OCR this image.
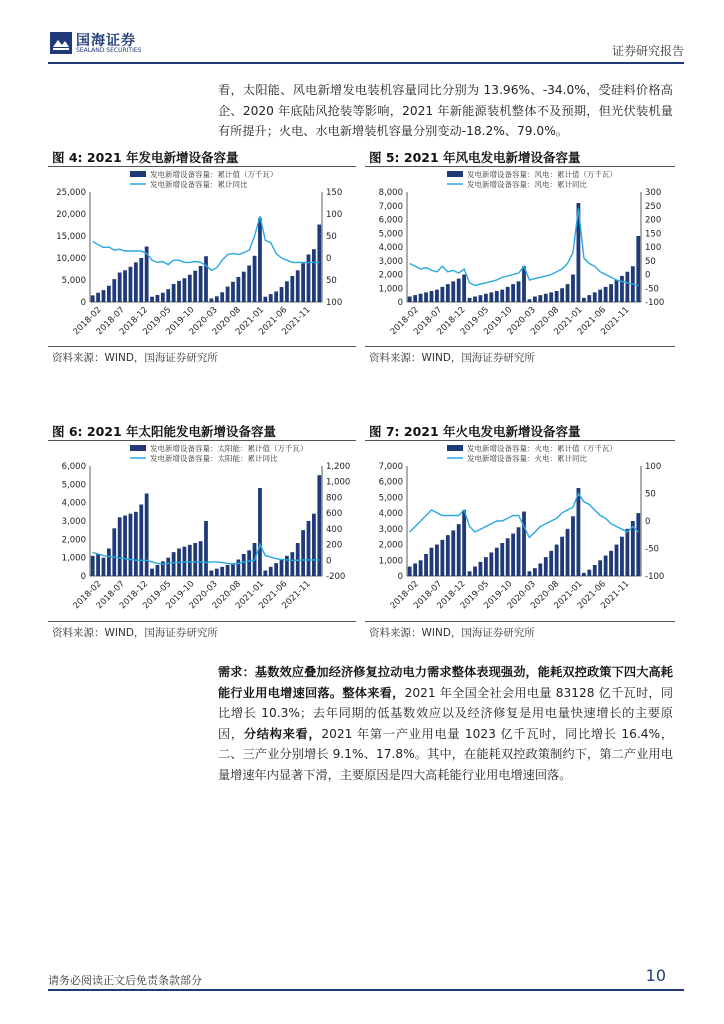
国海证券
SEALAND SECURITIES	证券研究报告
看，太阳能、风电新增发电装机容量同比分别为 13.96%、-34.0%，受硅料价格高企、2020 年底陆风抢装等影响，2021 年新能源装机整体不及预期，但光伏装机量有所提升；火电、水电新增装机容量分别变动-18.2%、79.0%。
图 4: 2021 年发电新增设备容量	图 5: 2021 年风电发电新增设备容量
发电新增设备容量：累计值（万千瓦）
发电新增设备容量：累计同比
25,000
20,000
15,000
10,000
5,000
0
150
100
50
0
50
100
2018-02
2018-07
2018-12
2019-05
2019-10
2020-03
2020-08
2021-01
2021-06
2021-11
发电新增设备容量：风电：累计值（万千瓦）
发电新增设备容量：风电：累计同比
8,000
7,000
6,000
5,000
4,000
3,000
2,000
1,000
0
300
250
200
150
100
50
0
-50
-100
2018-02
2018-07
2018-12
2019-05
2019-10
2020-03
2020-08
2021-01
2021-06
2021-11
资料来源：WIND，国海证券研究所	资料来源：WIND，国海证券研究所
图 6: 2021 年太阳能发电新增设备容量	图 7: 2021 年火电发电新增设备容量
发电新增设备容量：太阳能：累计值（万千瓦）
发电新增设备容量：太阳能：累计同比
6,000
5,000
4,000
3,000
2,000
1,000
0
1,200
1,000
800
600
400
200
0
-200
2018-02
2018-07
2018-12
2019-05
2019-10
2020-03
2020-08
2021-01
2021-06
2021-11
发电新增设备容量：火电：累计值（万千瓦）
发电新增设备容量：火电：累计同比
7,000
6,000
5,000
4,000
3,000
2,000
1,000
0
100
50
0
-50
-100
2018-02
2018-07
2018-12
2019-05
2019-10
2020-03
2020-08
2021-01
2021-06
2021-11
资料来源：WIND，国海证券研究所	资料来源：WIND，国海证券研究所
需求：基数效应叠加经济修复拉动电力需求整体表现强劲，能耗双控政策下四大高耗能行业用电增速回落。整体来看，2021 年全国全社会用电量 83128 亿千瓦时，同比增长 10.3%；去年同期的低基数效应以及经济修复是用电量快速增长的主要原因，分结构来看，2021 年第一产业用电量 1023 亿千瓦时，同比增长 16.4%，二、三产业分别增长 9.1%、17.8%。其中，在能耗双控政策制约下，第二产业用电量增速年内显著下滑，主要原因是四大高耗能行业用电增速回落。
请务必阅读正文后免责条款部分	10
